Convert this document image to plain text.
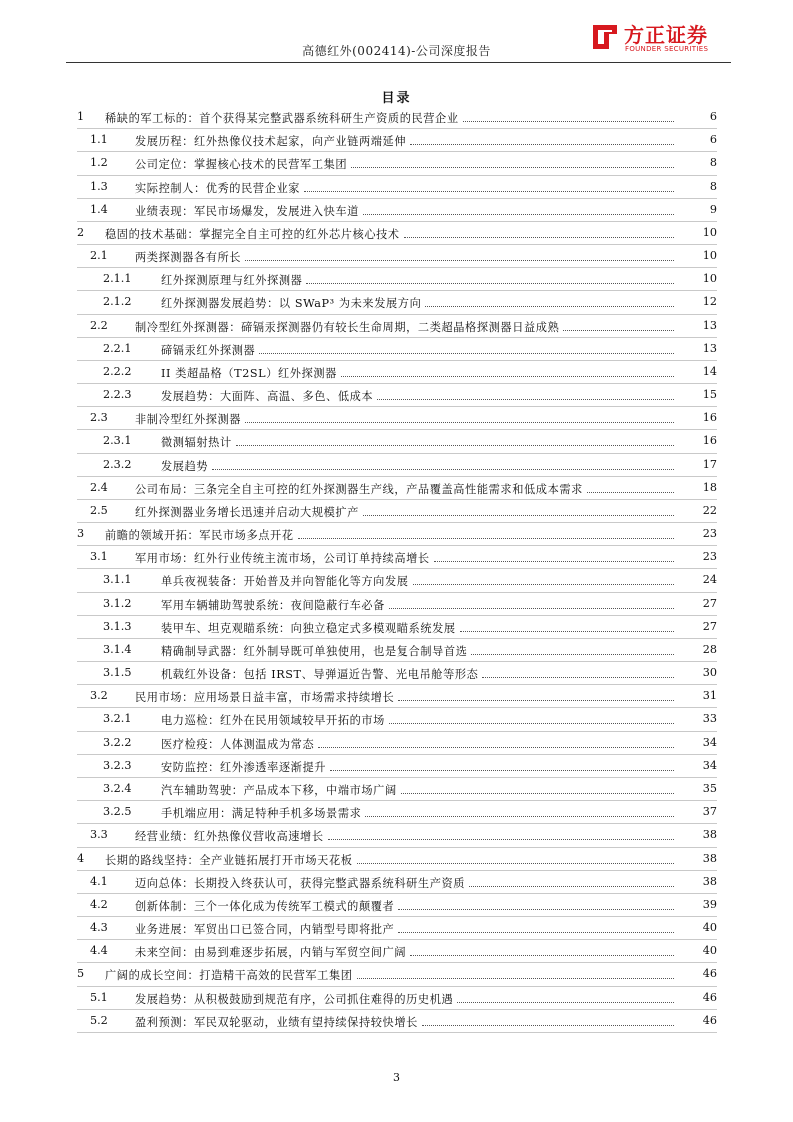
高德红外(002414)-公司深度报告
方正证券
FOUNDER SECURITIES
目录
1 稀缺的军工标的：首个获得某完整武器系统科研生产资质的民营企业	6
1.1 发展历程：红外热像仪技术起家，向产业链两端延伸	6
1.2 公司定位：掌握核心技术的民营军工集团	8
1.3 实际控制人：优秀的民营企业家	8
1.4 业绩表现：军民市场爆发，发展进入快车道	9
2 稳固的技术基础：掌握完全自主可控的红外芯片核心技术	10
2.1 两类探测器各有所长	10
2.1.1	红外探测原理与红外探测器	10
2.1.2	红外探测器发展趋势：以 SWaP³ 为未来发展方向	12
2.2 制冷型红外探测器：碲镉汞探测器仍有较长生命周期，二类超晶格探测器日益成熟	13
2.2.1	碲镉汞红外探测器	13
2.2.2	II 类超晶格（T2SL）红外探测器	14
2.2.3	发展趋势：大面阵、高温、多色、低成本	15
2.3 非制冷型红外探测器	16
2.3.1	微测辐射热计	16
2.3.2	发展趋势	17
2.4 公司布局：三条完全自主可控的红外探测器生产线，产品覆盖高性能需求和低成本需求	18
2.5 红外探测器业务增长迅速并启动大规模扩产	22
3 前瞻的领域开拓：军民市场多点开花	23
3.1 军用市场：红外行业传统主流市场，公司订单持续高增长	23
3.1.1	单兵夜视装备：开始普及并向智能化等方向发展	24
3.1.2	军用车辆辅助驾驶系统：夜间隐蔽行车必备	27
3.1.3	装甲车、坦克观瞄系统：向独立稳定式多模观瞄系统发展	27
3.1.4	精确制导武器：红外制导既可单独使用，也是复合制导首选	28
3.1.5	机载红外设备：包括 IRST、导弹逼近告警、光电吊舱等形态	30
3.2 民用市场：应用场景日益丰富，市场需求持续增长	31
3.2.1	电力巡检：红外在民用领域较早开拓的市场	33
3.2.2	医疗检疫：人体测温成为常态	34
3.2.3	安防监控：红外渗透率逐渐提升	34
3.2.4	汽车辅助驾驶：产品成本下移，中端市场广阔	35
3.2.5	手机端应用：满足特种手机多场景需求	37
3.3 经营业绩：红外热像仪营收高速增长	38
4 长期的路线坚持：全产业链拓展打开市场天花板	38
4.1 迈向总体：长期投入终获认可，获得完整武器系统科研生产资质	38
4.2 创新体制：三个一体化成为传统军工模式的颠覆者	39
4.3 业务进展：军贸出口已签合同，内销型号即将批产	40
4.4 未来空间：由易到难逐步拓展，内销与军贸空间广阔	40
5 广阔的成长空间：打造精干高效的民营军工集团	46
5.1 发展趋势：从积极鼓励到规范有序，公司抓住难得的历史机遇	46
5.2 盈利预测：军民双轮驱动，业绩有望持续保持较快增长	46
3
